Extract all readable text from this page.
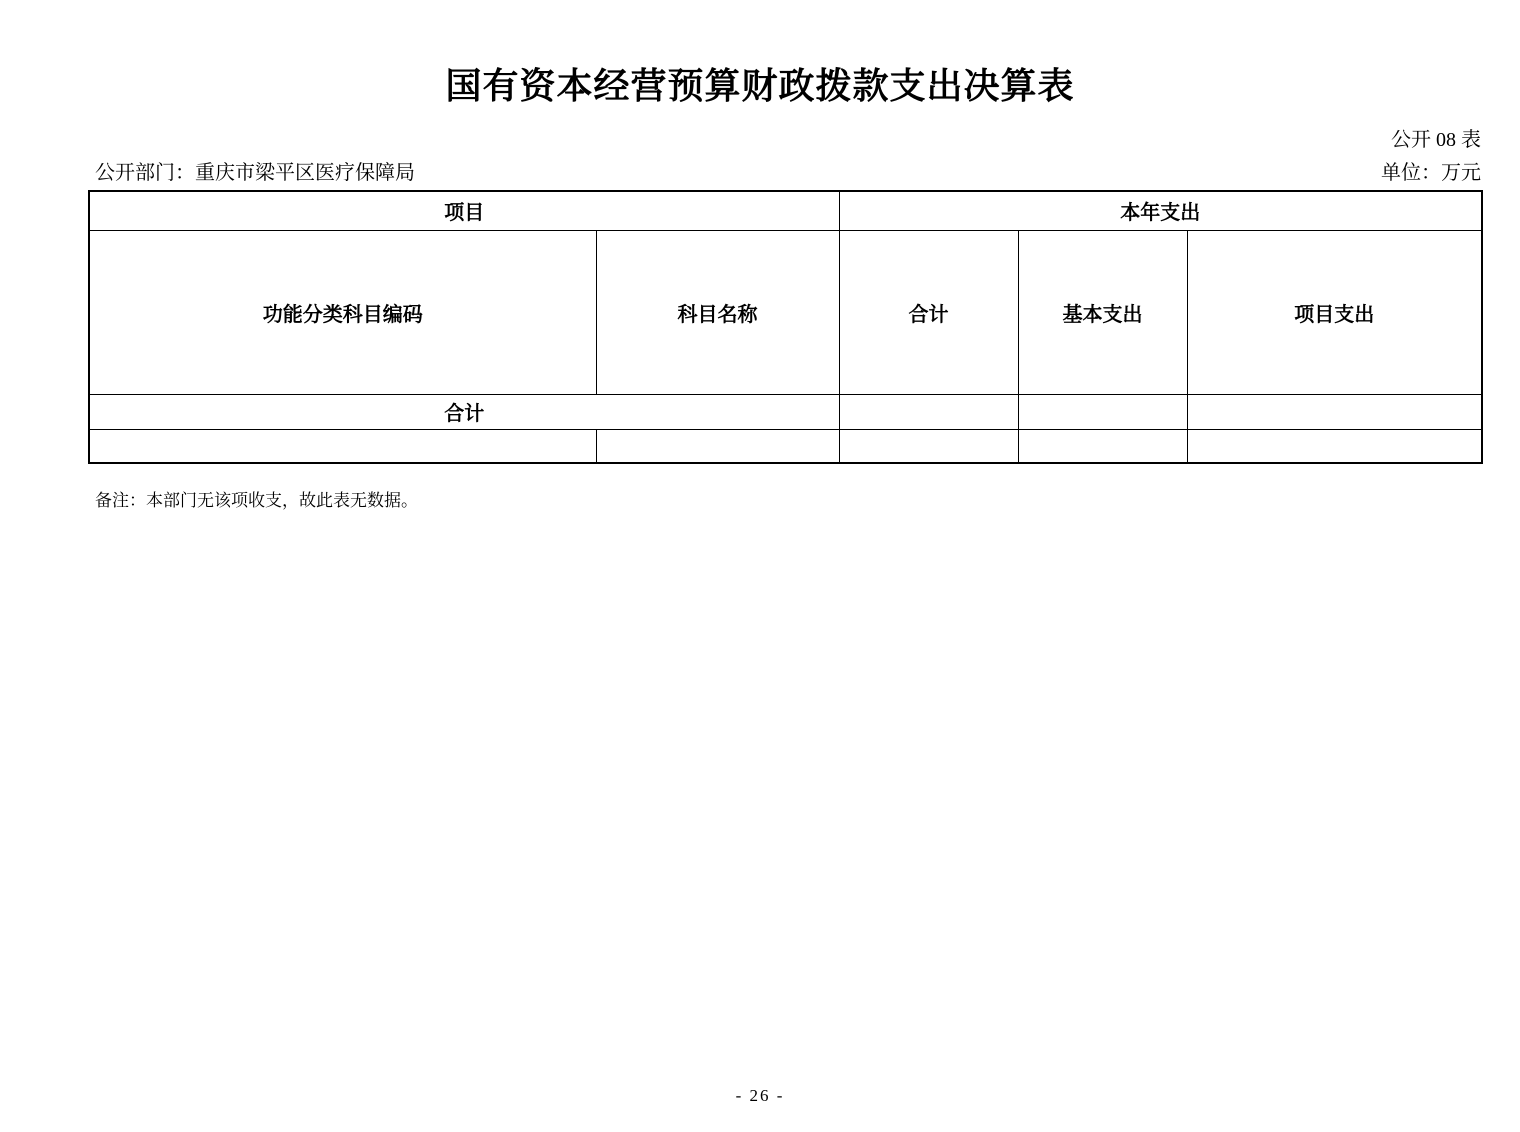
国有资本经营预算财政拨款支出决算表
公开 08 表
公开部门：重庆市梁平区医疗保障局	单位：万元
项目		本年支出		
功能分类科目编码	科目名称	合计	基本支出	项目支出
合计				

备注：本部门无该项收支，故此表无数据。
- 26 -
